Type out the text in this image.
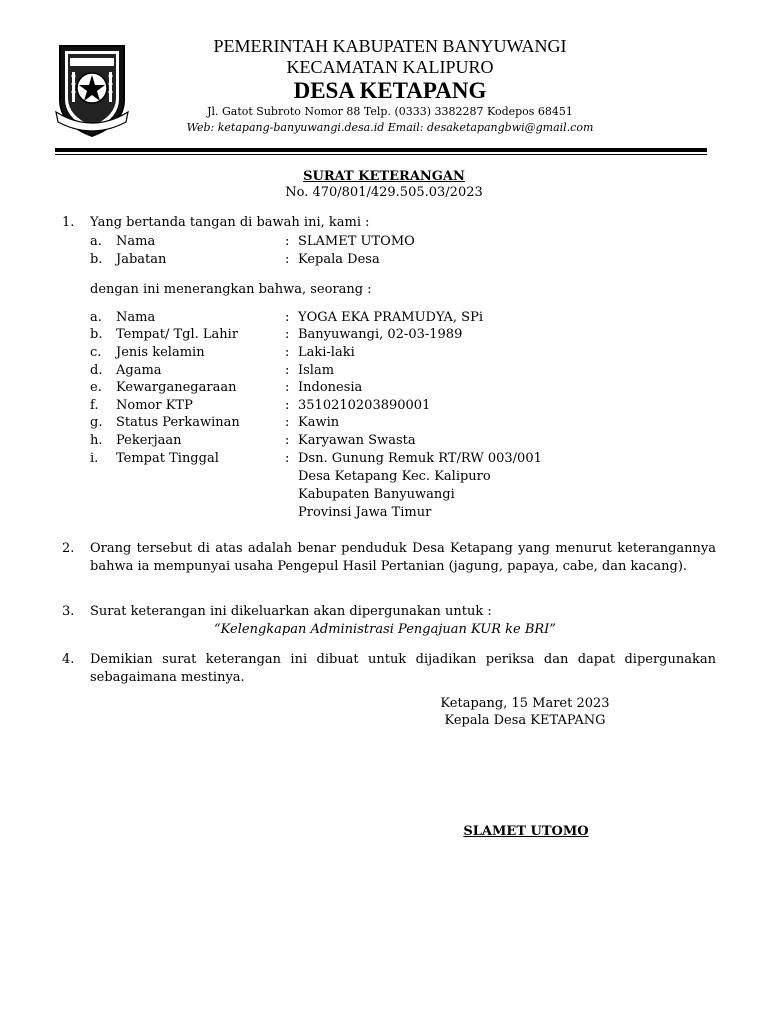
PEMERINTAH KABUPATEN BANYUWANGI
KECAMATAN KALIPURO
DESA KETAPANG
Jl. Gatot Subroto Nomor 88 Telp. (0333) 3382287 Kodepos 68451
Web: ketapang-banyuwangi.desa.id Email: desaketapangbwi@gmail.com
SURAT KETERANGAN
No. 470/801/429.505.03/2023
1. Yang bertanda tangan di bawah ini, kami :
a. Nama	: SLAMET UTOMO
b. Jabatan	: Kepala Desa
dengan ini menerangkan bahwa, seorang :
a. Nama	: YOGA EKA PRAMUDYA, SPi
b. Tempat/ Tgl. Lahir	: Banyuwangi, 02-03-1989
c. Jenis kelamin	: Laki-laki
d. Agama	: Islam
e. Kewarganegaraan	: Indonesia
f. Nomor KTP	: 3510210203890001
g. Status Perkawinan	: Kawin
h. Pekerjaan	: Karyawan Swasta
i. Tempat Tinggal	: Dsn. Gunung Remuk RT/RW 003/001
Desa Ketapang Kec. Kalipuro
Kabupaten Banyuwangi
Provinsi Jawa Timur
2. Orang tersebut di atas adalah benar penduduk Desa Ketapang yang menurut keterangannya bahwa ia mempunyai usaha Pengepul Hasil Pertanian (jagung, papaya, cabe, dan kacang).
3. Surat keterangan ini dikeluarkan akan dipergunakan untuk :
“Kelengkapan Administrasi Pengajuan KUR ke BRI”
4. Demikian surat keterangan ini dibuat untuk dijadikan periksa dan dapat dipergunakan sebagaimana mestinya.
Ketapang, 15 Maret 2023
Kepala Desa KETAPANG
SLAMET UTOMO
